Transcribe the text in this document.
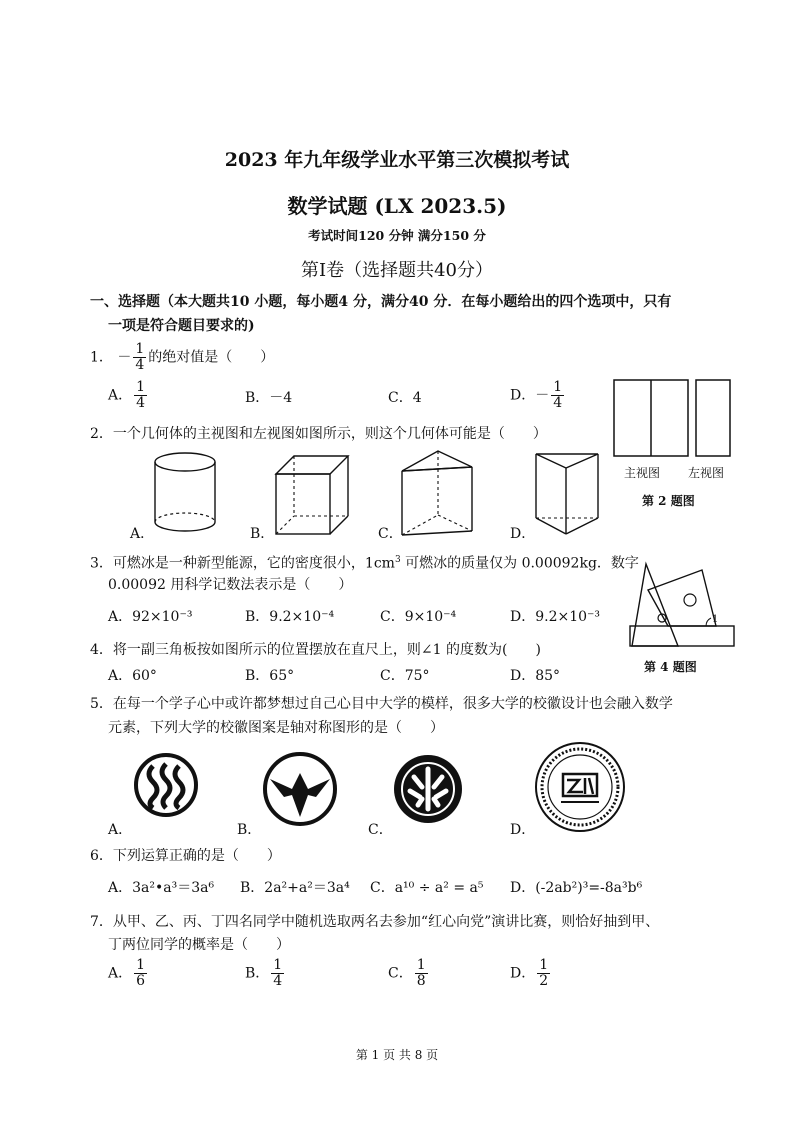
2023 年九年级学业水平第三次模拟考试
数学试题 (LX 2023.5)
考试时间120 分钟 满分150 分
第Ⅰ卷（选择题共40分）
一、选择题（本大题共10 小题，每小题4 分，满分40 分．在每小题给出的四个选项中，只有
一项是符合题目要求的)
1． － $\frac{1}{4}$ 的绝对值是（　　）
A． $\frac{1}{4}$	B．－4	C．4	D．－ $\frac{1}{4}$
主视图 左视图
第 2 题图
2．一个几何体的主视图和左视图如图所示，则这个几何体可能是（　　）
A．	B．	C．	D．
3．可燃冰是一种新型能源，它的密度很小，$1cm^3$ 可燃冰的质量仅为 0.00092kg．数字
0.00092 用科学记数法表示是（　　）
A．92×10⁻³	B．9.2×10⁻⁴	C．9×10⁻⁴	D．9.2×10⁻³	1
第 4 题图
4．将一副三角板按如图所示的位置摆放在直尺上，则∠1 的度数为(　　)
A．60°	B．65°	C．75°	D．85°
5．在每一个学子心中或许都梦想过自己心目中大学的模样，很多大学的校徽设计也会融入数学
元素，下列大学的校徽图案是轴对称图形的是（　　）
A．	B．	C．	D．
6．下列运算正确的是（　　）
A．3a²•a³＝3a⁶ B．2a²+a²＝3a⁴ C．a¹⁰ ÷ a² = a⁵ D．(-2ab²)³=-8a³b⁶
7．从甲、乙、丙、丁四名同学中随机选取两名去参加“红心向党”演讲比赛，则恰好抽到甲、
丁两位同学的概率是（　　）
A． $\frac{1}{6}$	B． $\frac{1}{4}$	C． $\frac{1}{8}$	D． $\frac{1}{2}$
第 1 页 共 8 页
